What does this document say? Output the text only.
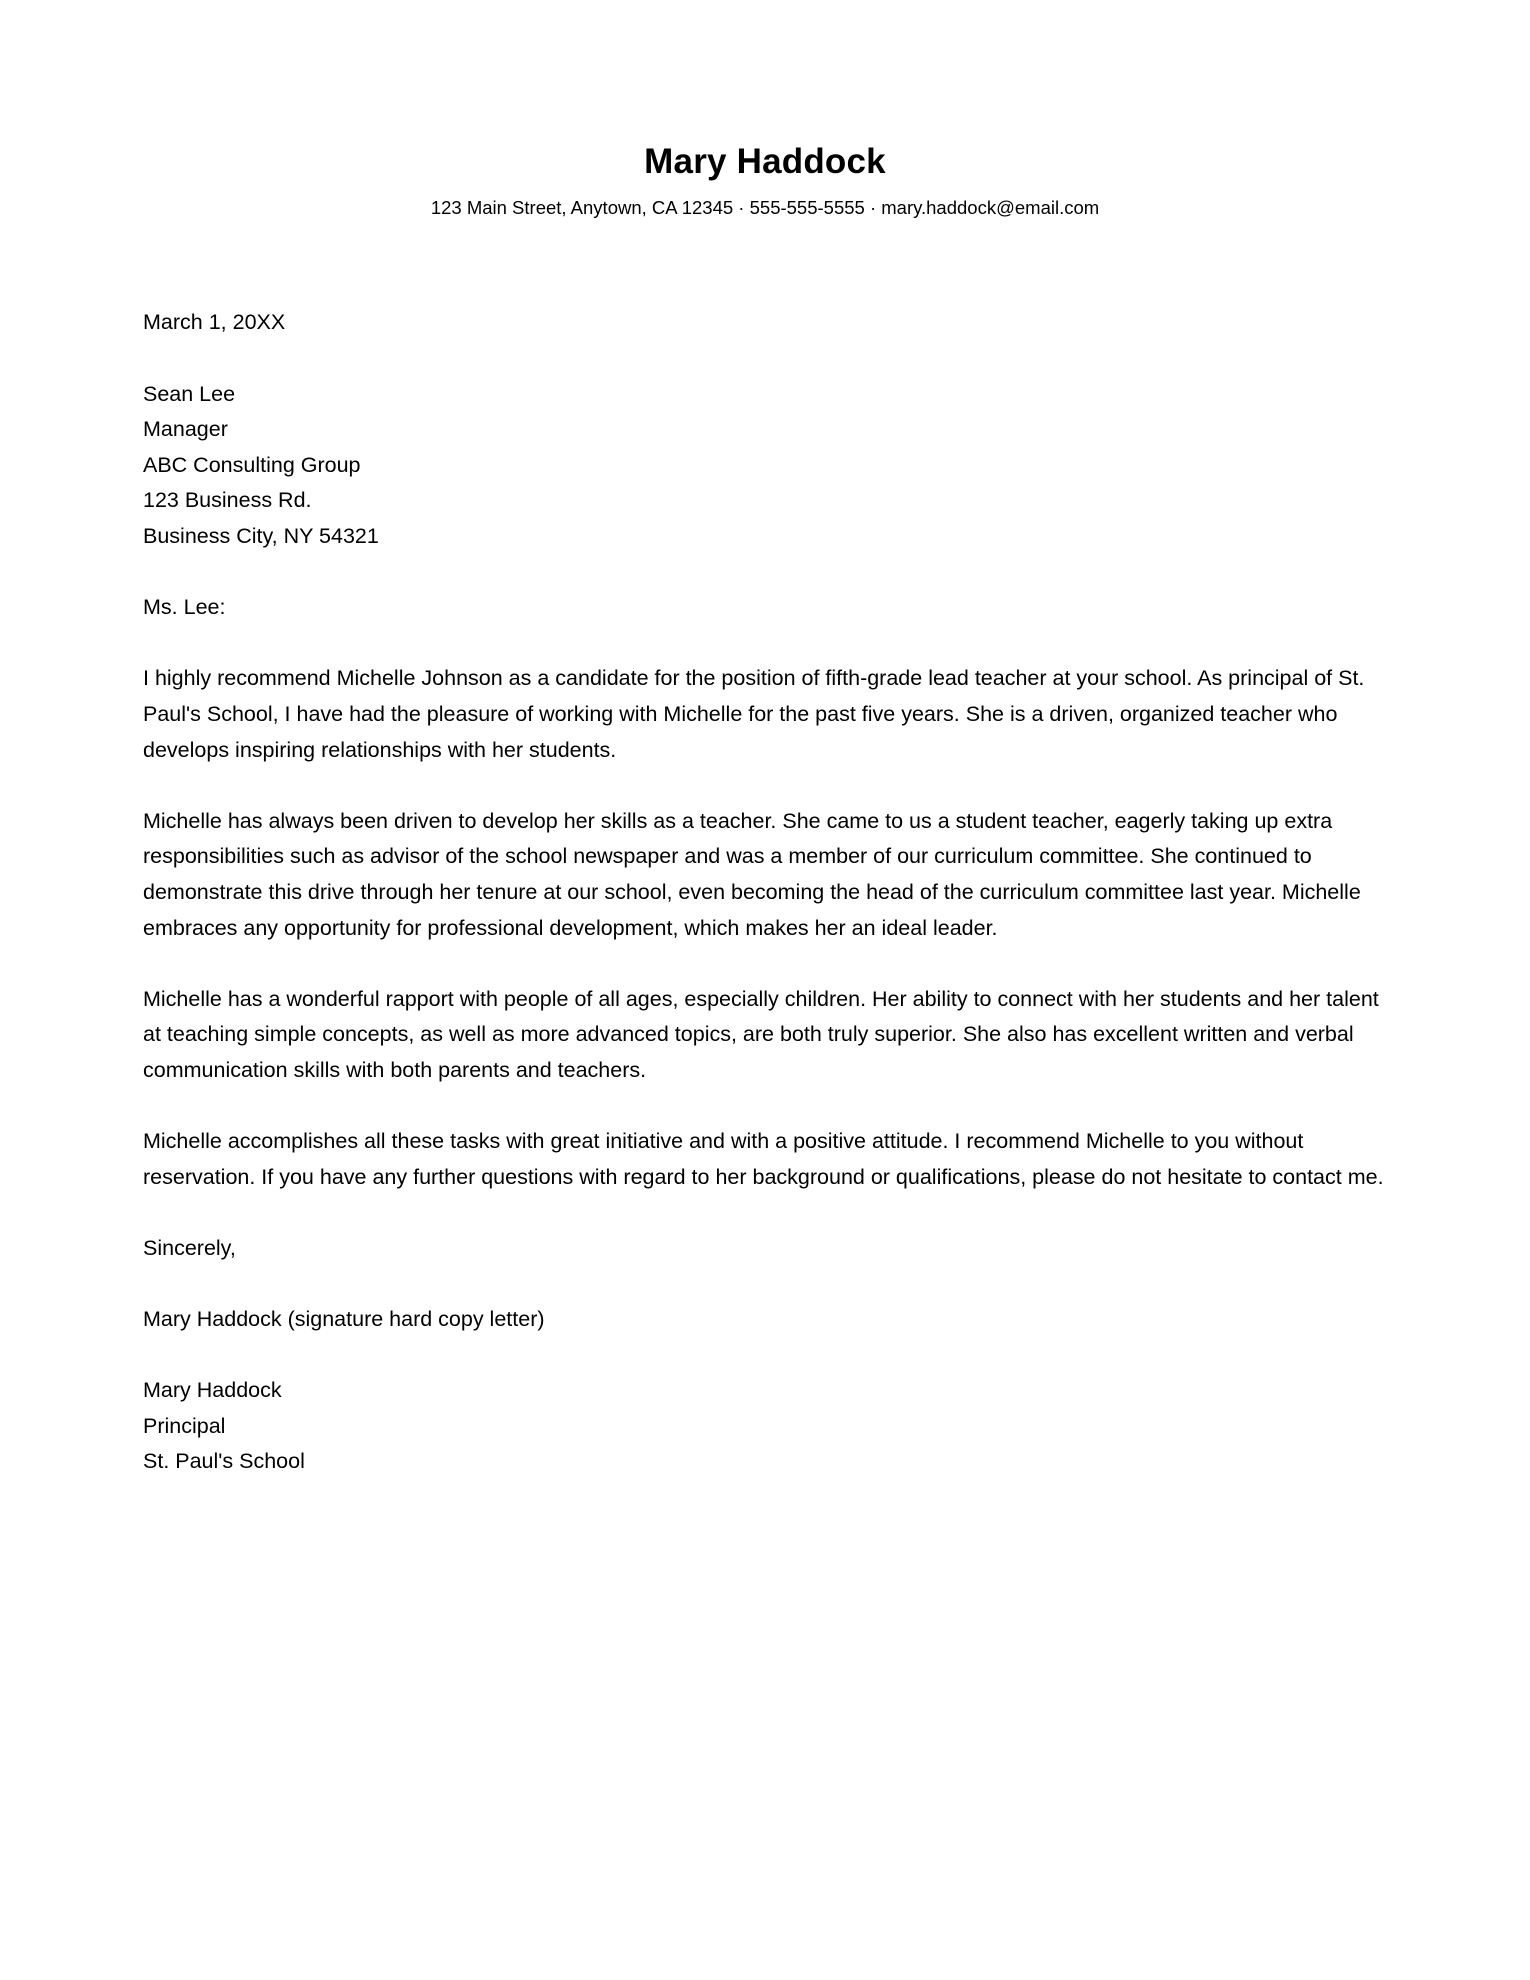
Mary Haddock
123 Main Street, Anytown, CA 12345 · 555-555-5555 · mary.haddock@email.com
March 1, 20XX
Sean Lee
Manager
ABC Consulting Group
123 Business Rd.
Business City, NY 54321
Ms. Lee:

I highly recommend Michelle Johnson as a candidate for the position of fifth-grade lead teacher at your school. As principal of St. Paul's School, I have had the pleasure of working with Michelle for the past five years. She is a driven, organized teacher who develops inspiring relationships with her students.

Michelle has always been driven to develop her skills as a teacher. She came to us a student teacher, eagerly taking up extra responsibilities such as advisor of the school newspaper and was a member of our curriculum committee. She continued to demonstrate this drive through her tenure at our school, even becoming the head of the curriculum committee last year. Michelle embraces any opportunity for professional development, which makes her an ideal leader.

Michelle has a wonderful rapport with people of all ages, especially children. Her ability to connect with her students and her talent at teaching simple concepts, as well as more advanced topics, are both truly superior. She also has excellent written and verbal communication skills with both parents and teachers.

Michelle accomplishes all these tasks with great initiative and with a positive attitude. I recommend Michelle to you without reservation. If you have any further questions with regard to her background or qualifications, please do not hesitate to contact me.

Sincerely,
Mary Haddock (signature hard copy letter)
Mary Haddock
Principal
St. Paul's School
